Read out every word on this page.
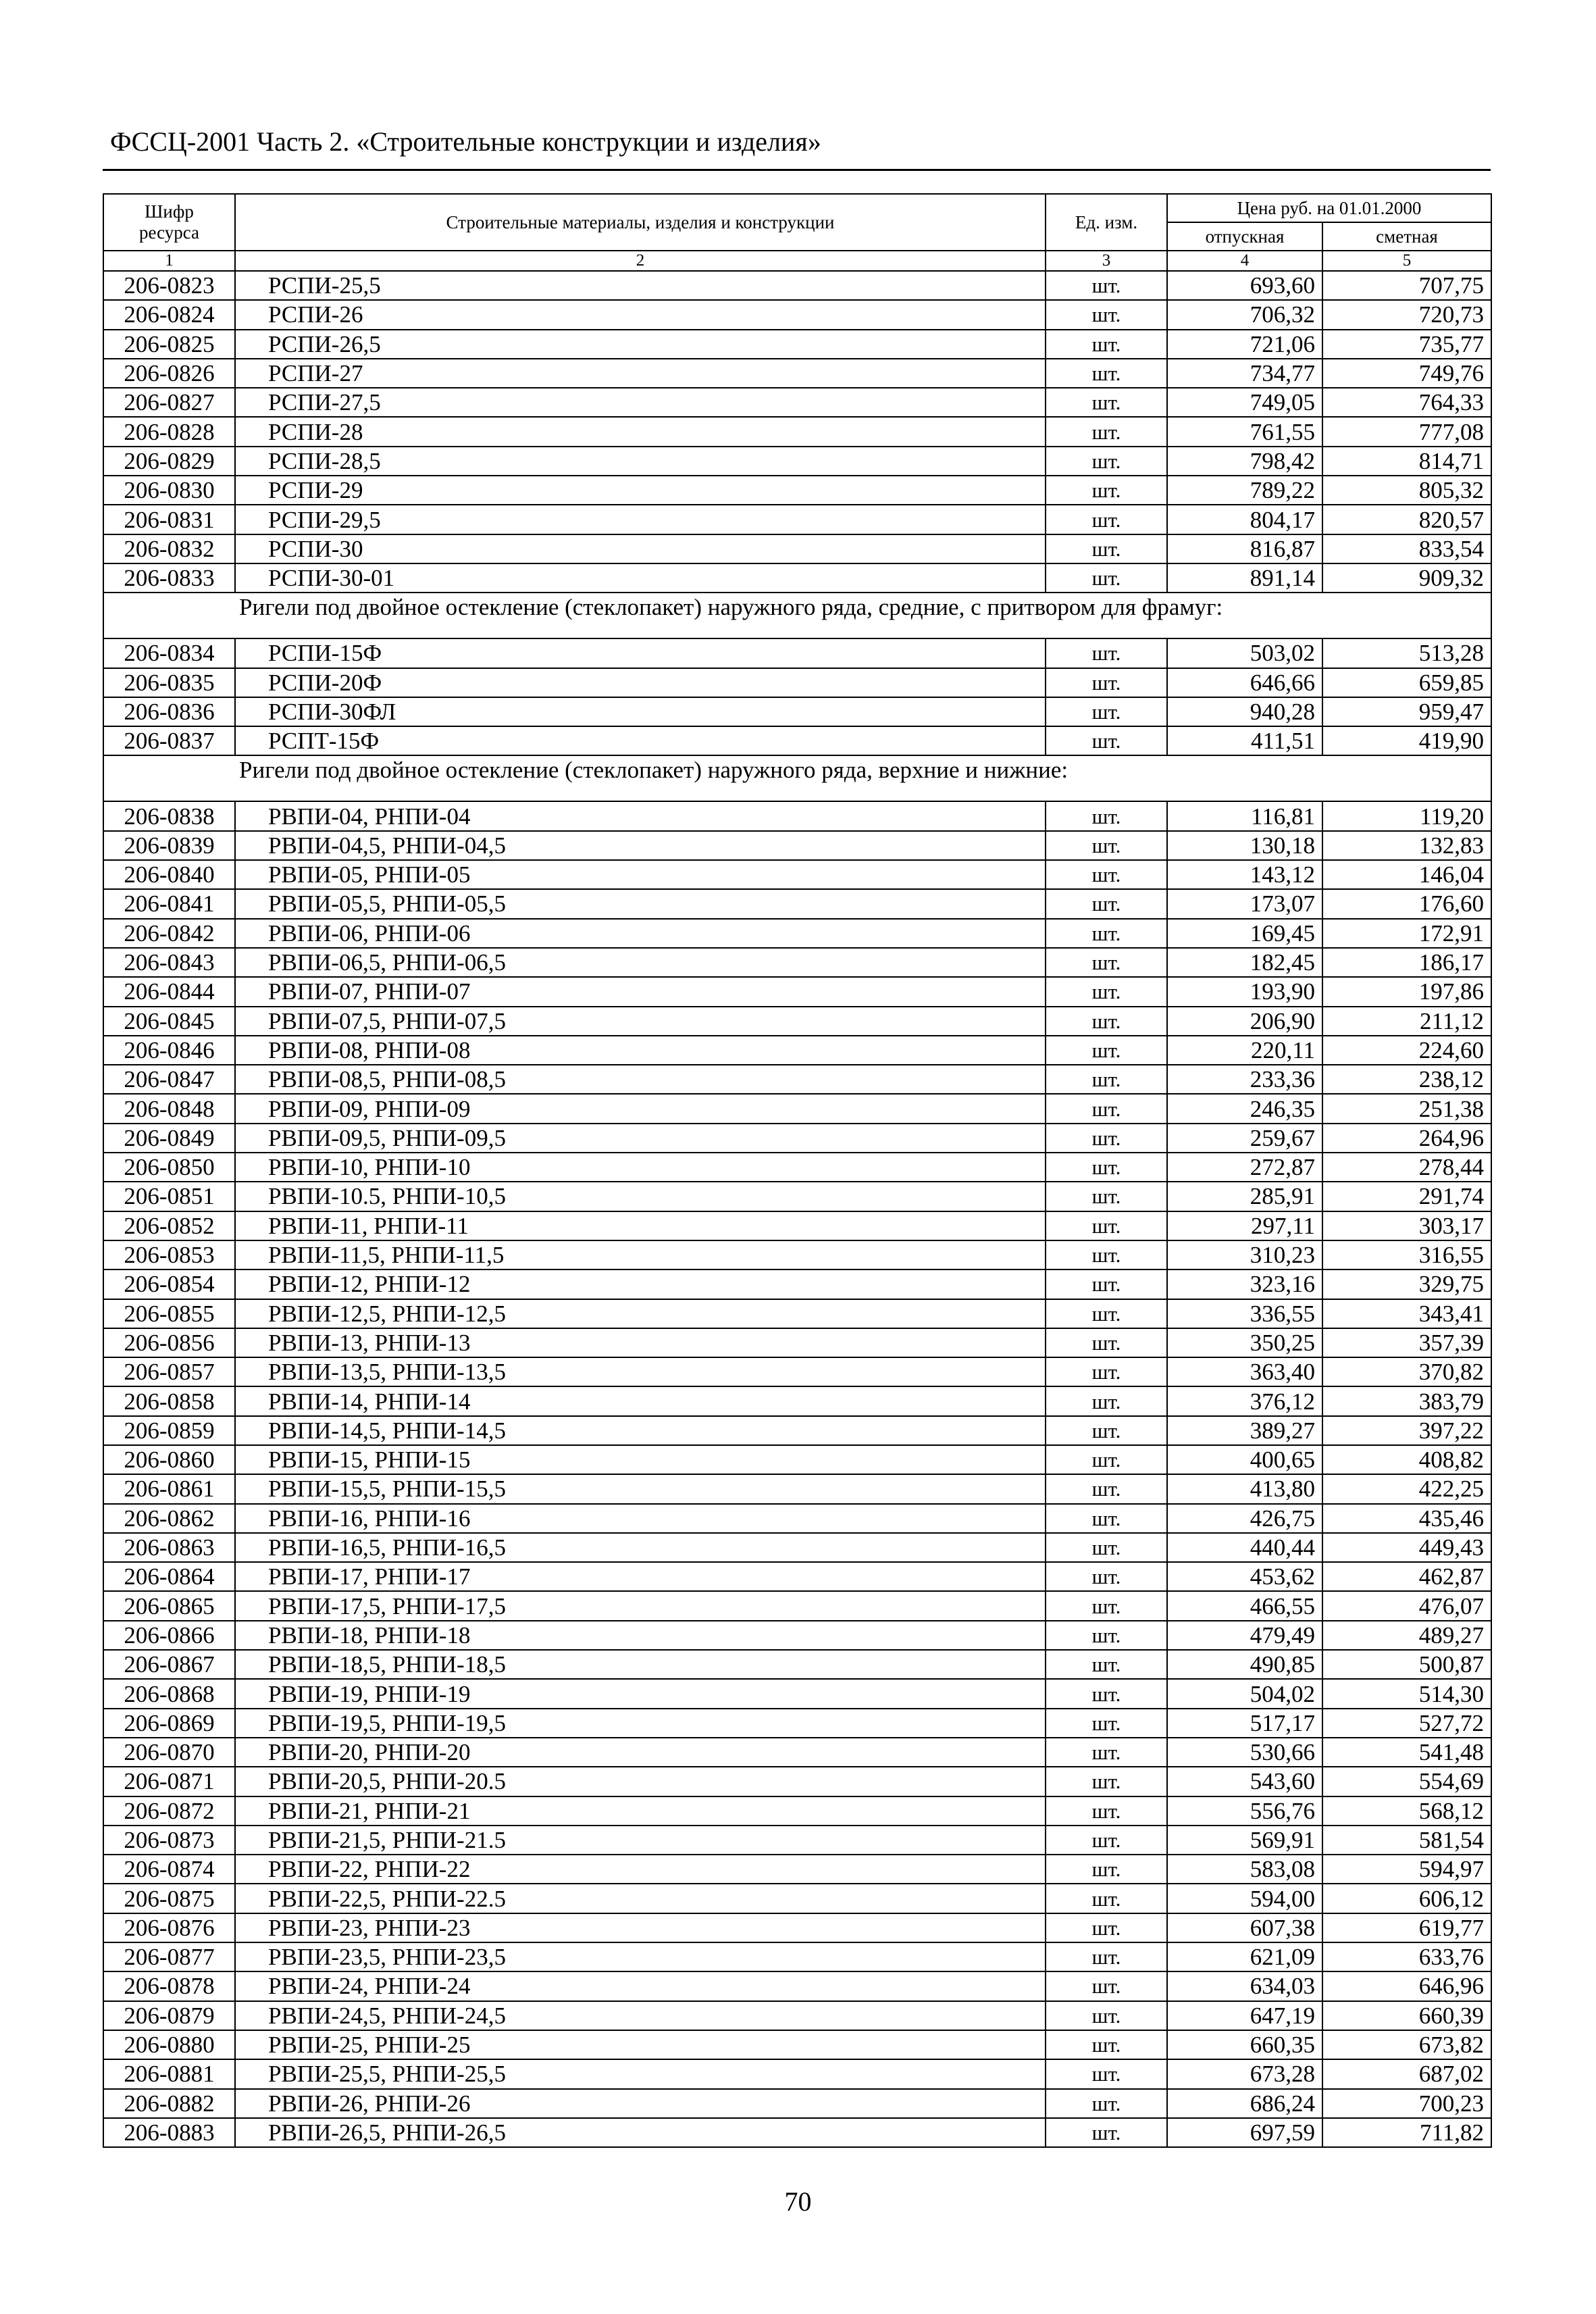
ФССЦ-2001 Часть 2. «Строительные конструкции и изделия»
Шифр ресурса	Строительные материалы, изделия и конструкции	Ед. изм.	Цена руб. на 01.01.2000	
			отпускная	сметная
1	2	3	4	5
206-0823	РСПИ-25,5	шт.	693,60	707,75
206-0824	РСПИ-26	шт.	706,32	720,73
206-0825	РСПИ-26,5	шт.	721,06	735,77
206-0826	РСПИ-27	шт.	734,77	749,76
206-0827	РСПИ-27,5	шт.	749,05	764,33
206-0828	РСПИ-28	шт.	761,55	777,08
206-0829	РСПИ-28,5	шт.	798,42	814,71
206-0830	РСПИ-29	шт.	789,22	805,32
206-0831	РСПИ-29,5	шт.	804,17	820,57
206-0832	РСПИ-30	шт.	816,87	833,54
206-0833	РСПИ-30-01	шт.	891,14	909,32
Ригели под двойное остекление (стеклопакет) наружного ряда, средние, с притвором для фрамуг:				
206-0834	РСПИ-15Ф	шт.	503,02	513,28
206-0835	РСПИ-20Ф	шт.	646,66	659,85
206-0836	РСПИ-30ФЛ	шт.	940,28	959,47
206-0837	РСПТ-15Ф	шт.	411,51	419,90
Ригели под двойное остекление (стеклопакет) наружного ряда, верхние и нижние:				
206-0838	РВПИ-04, РНПИ-04	шт.	116,81	119,20
206-0839	РВПИ-04,5, РНПИ-04,5	шт.	130,18	132,83
206-0840	РВПИ-05, РНПИ-05	шт.	143,12	146,04
206-0841	РВПИ-05,5, РНПИ-05,5	шт.	173,07	176,60
206-0842	РВПИ-06, РНПИ-06	шт.	169,45	172,91
206-0843	РВПИ-06,5, РНПИ-06,5	шт.	182,45	186,17
206-0844	РВПИ-07, РНПИ-07	шт.	193,90	197,86
206-0845	РВПИ-07,5, РНПИ-07,5	шт.	206,90	211,12
206-0846	РВПИ-08, РНПИ-08	шт.	220,11	224,60
206-0847	РВПИ-08,5, РНПИ-08,5	шт.	233,36	238,12
206-0848	РВПИ-09, РНПИ-09	шт.	246,35	251,38
206-0849	РВПИ-09,5, РНПИ-09,5	шт.	259,67	264,96
206-0850	РВПИ-10, РНПИ-10	шт.	272,87	278,44
206-0851	РВПИ-10.5, РНПИ-10,5	шт.	285,91	291,74
206-0852	РВПИ-11, РНПИ-11	шт.	297,11	303,17
206-0853	РВПИ-11,5, РНПИ-11,5	шт.	310,23	316,55
206-0854	РВПИ-12, РНПИ-12	шт.	323,16	329,75
206-0855	РВПИ-12,5, РНПИ-12,5	шт.	336,55	343,41
206-0856	РВПИ-13, РНПИ-13	шт.	350,25	357,39
206-0857	РВПИ-13,5, РНПИ-13,5	шт.	363,40	370,82
206-0858	РВПИ-14, РНПИ-14	шт.	376,12	383,79
206-0859	РВПИ-14,5, РНПИ-14,5	шт.	389,27	397,22
206-0860	РВПИ-15, РНПИ-15	шт.	400,65	408,82
206-0861	РВПИ-15,5, РНПИ-15,5	шт.	413,80	422,25
206-0862	РВПИ-16, РНПИ-16	шт.	426,75	435,46
206-0863	РВПИ-16,5, РНПИ-16,5	шт.	440,44	449,43
206-0864	РВПИ-17, РНПИ-17	шт.	453,62	462,87
206-0865	РВПИ-17,5, РНПИ-17,5	шт.	466,55	476,07
206-0866	РВПИ-18, РНПИ-18	шт.	479,49	489,27
206-0867	РВПИ-18,5, РНПИ-18,5	шт.	490,85	500,87
206-0868	РВПИ-19, РНПИ-19	шт.	504,02	514,30
206-0869	РВПИ-19,5, РНПИ-19,5	шт.	517,17	527,72
206-0870	РВПИ-20, РНПИ-20	шт.	530,66	541,48
206-0871	РВПИ-20,5, РНПИ-20.5	шт.	543,60	554,69
206-0872	РВПИ-21, РНПИ-21	шт.	556,76	568,12
206-0873	РВПИ-21,5, РНПИ-21.5	шт.	569,91	581,54
206-0874	РВПИ-22, РНПИ-22	шт.	583,08	594,97
206-0875	РВПИ-22,5, РНПИ-22.5	шт.	594,00	606,12
206-0876	РВПИ-23, РНПИ-23	шт.	607,38	619,77
206-0877	РВПИ-23,5, РНПИ-23,5	шт.	621,09	633,76
206-0878	РВПИ-24, РНПИ-24	шт.	634,03	646,96
206-0879	РВПИ-24,5, РНПИ-24,5	шт.	647,19	660,39
206-0880	РВПИ-25, РНПИ-25	шт.	660,35	673,82
206-0881	РВПИ-25,5, РНПИ-25,5	шт.	673,28	687,02
206-0882	РВПИ-26, РНПИ-26	шт.	686,24	700,23
206-0883	РВПИ-26,5, РНПИ-26,5	шт.	697,59	711,82
70
